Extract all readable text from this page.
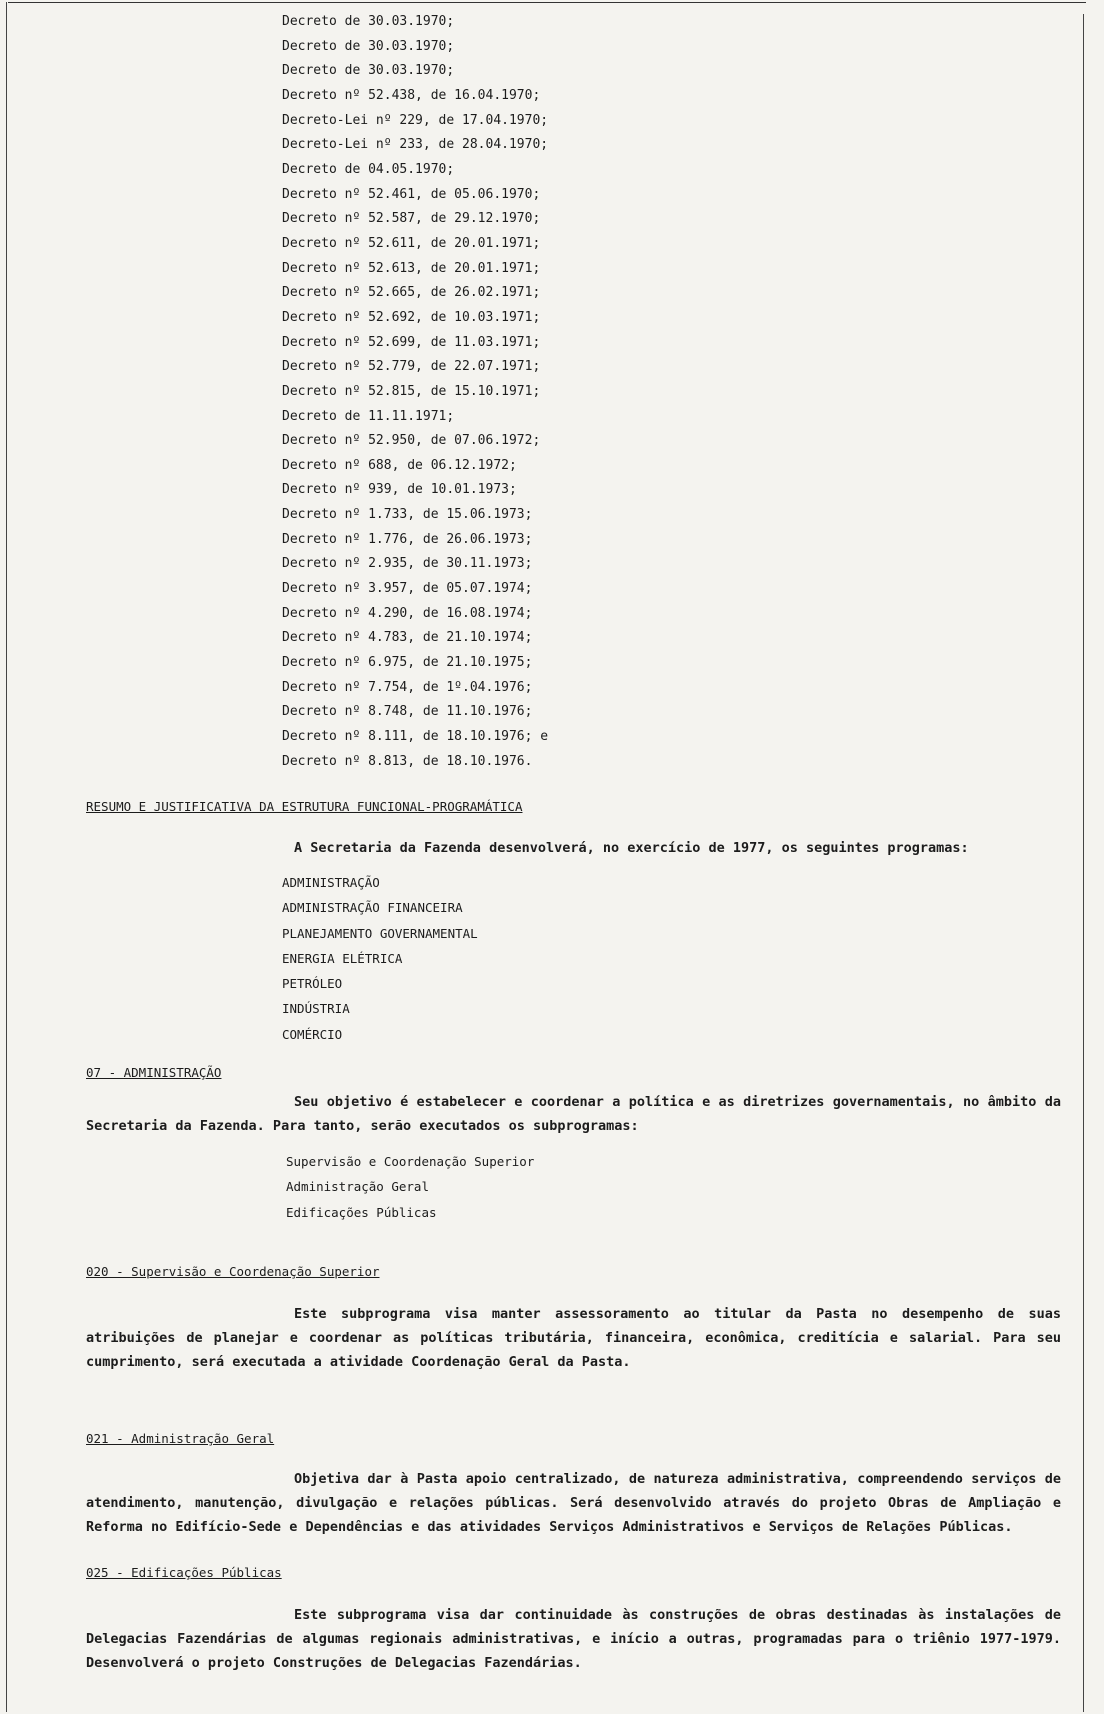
Decreto de 30.03.1970;
Decreto de 30.03.1970;
Decreto de 30.03.1970;
Decreto nº 52.438, de 16.04.1970;
Decreto-Lei nº 229, de 17.04.1970;
Decreto-Lei nº 233, de 28.04.1970;
Decreto de 04.05.1970;
Decreto nº 52.461, de 05.06.1970;
Decreto nº 52.587, de 29.12.1970;
Decreto nº 52.611, de 20.01.1971;
Decreto nº 52.613, de 20.01.1971;
Decreto nº 52.665, de 26.02.1971;
Decreto nº 52.692, de 10.03.1971;
Decreto nº 52.699, de 11.03.1971;
Decreto nº 52.779, de 22.07.1971;
Decreto nº 52.815, de 15.10.1971;
Decreto de 11.11.1971;
Decreto nº 52.950, de 07.06.1972;
Decreto nº 688, de 06.12.1972;
Decreto nº 939, de 10.01.1973;
Decreto nº 1.733, de 15.06.1973;
Decreto nº 1.776, de 26.06.1973;
Decreto nº 2.935, de 30.11.1973;
Decreto nº 3.957, de 05.07.1974;
Decreto nº 4.290, de 16.08.1974;
Decreto nº 4.783, de 21.10.1974;
Decreto nº 6.975, de 21.10.1975;
Decreto nº 7.754, de 1º.04.1976;
Decreto nº 8.748, de 11.10.1976;
Decreto nº 8.111, de 18.10.1976; e
Decreto nº 8.813, de 18.10.1976.
RESUMO E JUSTIFICATIVA DA ESTRUTURA FUNCIONAL-PROGRAMÁTICA
A Secretaria da Fazenda desenvolverá, no exercício de 1977, os seguintes programas:
ADMINISTRAÇÃO
ADMINISTRAÇÃO FINANCEIRA
PLANEJAMENTO GOVERNAMENTAL
ENERGIA ELÉTRICA
PETRÓLEO
INDÚSTRIA
COMÉRCIO
07 - ADMINISTRAÇÃO
Seu objetivo é estabelecer e coordenar a política e as diretrizes governamentais, no âmbito da Secretaria da Fazenda. Para tanto, serão executados os subprogramas:
Supervisão e Coordenação Superior
Administração Geral
Edificações Públicas
020 - Supervisão e Coordenação Superior
Este subprograma visa manter assessoramento ao titular da Pasta no desempenho de suas atribuições de planejar e coordenar as políticas tributária, financeira, econômica, creditícia e salarial. Para seu cumprimento, será executada a atividade Coordenação Geral da Pasta.
021 - Administração Geral
Objetiva dar à Pasta apoio centralizado, de natureza administrativa, compreendendo serviços de atendimento, manutenção, divulgação e relações públicas. Será desenvolvido através do projeto Obras de Ampliação e Reforma no Edifício-Sede e Dependências e das atividades Serviços Administrativos e Serviços de Relações Públicas.
025 - Edificações Públicas
Este subprograma visa dar continuidade às construções de obras destinadas às instalações de Delegacias Fazendárias de algumas regionais administrativas, e início a outras, programadas para o triênio 1977-1979. Desenvolverá o projeto Construções de Delegacias Fazendárias.
